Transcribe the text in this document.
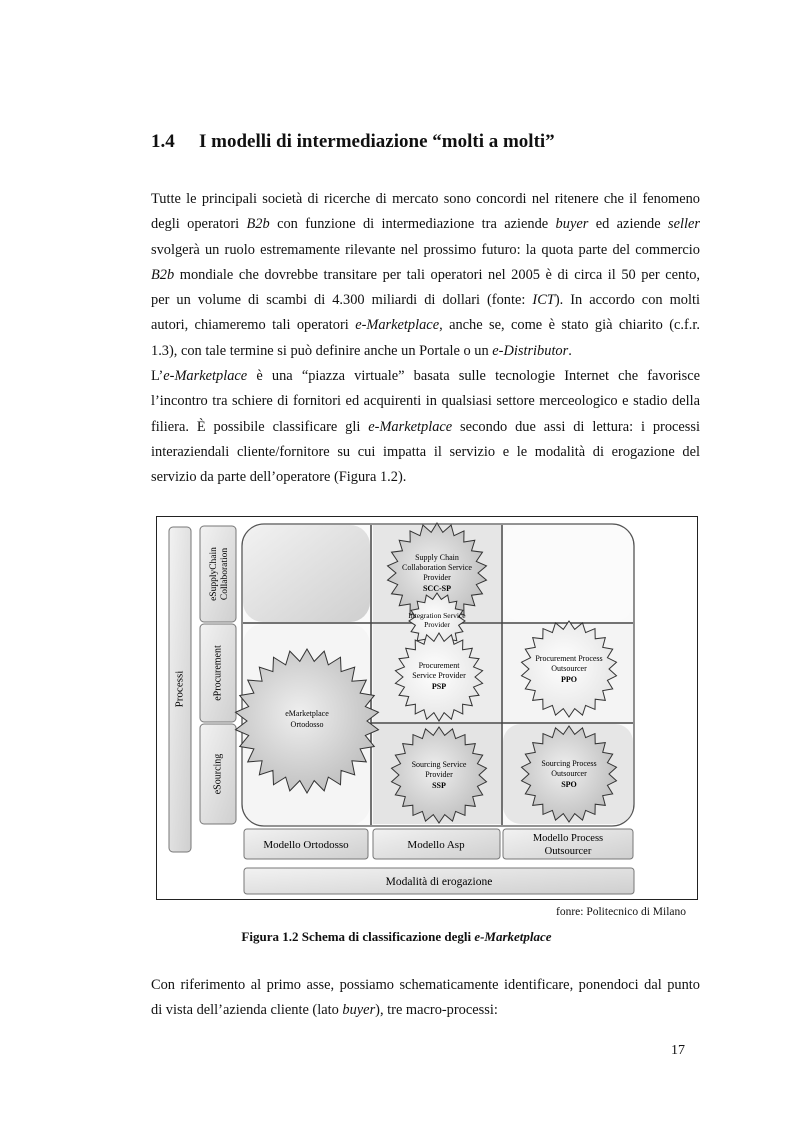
1.4 I modelli di intermediazione “molti a molti”
Tutte le principali società di ricerche di mercato sono concordi nel ritenere che il fenomeno
degli operatori B2b con funzione di intermediazione tra aziende buyer ed aziende seller
svolgerà un ruolo estremamente rilevante nel prossimo futuro: la quota parte del commercio
B2b mondiale che dovrebbe transitare per tali operatori nel 2005 è di circa il 50 per cento,
per un volume di scambi di 4.300 miliardi di dollari (fonte: ICT). In accordo con molti
autori, chiameremo tali operatori e-Marketplace, anche se, come è stato già chiarito (c.f.r.
1.3), con tale termine si può definire anche un Portale o un e-Distributor.
L’e-Marketplace è una “piazza virtuale” basata sulle tecnologie Internet che favorisce
l’incontro tra schiere di fornitori ed acquirenti in qualsiasi settore merceologico e stadio della
filiera. È possibile classificare gli e-Marketplace secondo due assi di lettura: i processi
interaziendali cliente/fornitore su cui impatta il servizio e le modalità di erogazione del
servizio da parte dell’operatore (Figura 1.2).
Processi
eSupplyChain Collaboration
eProcurement
eSourcing
eMarketplace
Ortodosso
Supply Chain
Collaboration Service
Provider
SCC-SP
Integration Service
Provider
Procurement
Service Provider
PSP
Procurement Process
Outsourcer
PPO
Sourcing Service
Provider
SSP
Sourcing Process
Outsourcer
SPO
Modello Ortodosso	Modello Asp
Modello Process
Outsourcer
Modalità di erogazione
fonre: Politecnico di Milano
Figura 1.2 Schema di classificazione degli e-Marketplace
Con riferimento al primo asse, possiamo schematicamente identificare, ponendoci dal punto
di vista dell’azienda cliente (lato buyer), tre macro-processi:
17
